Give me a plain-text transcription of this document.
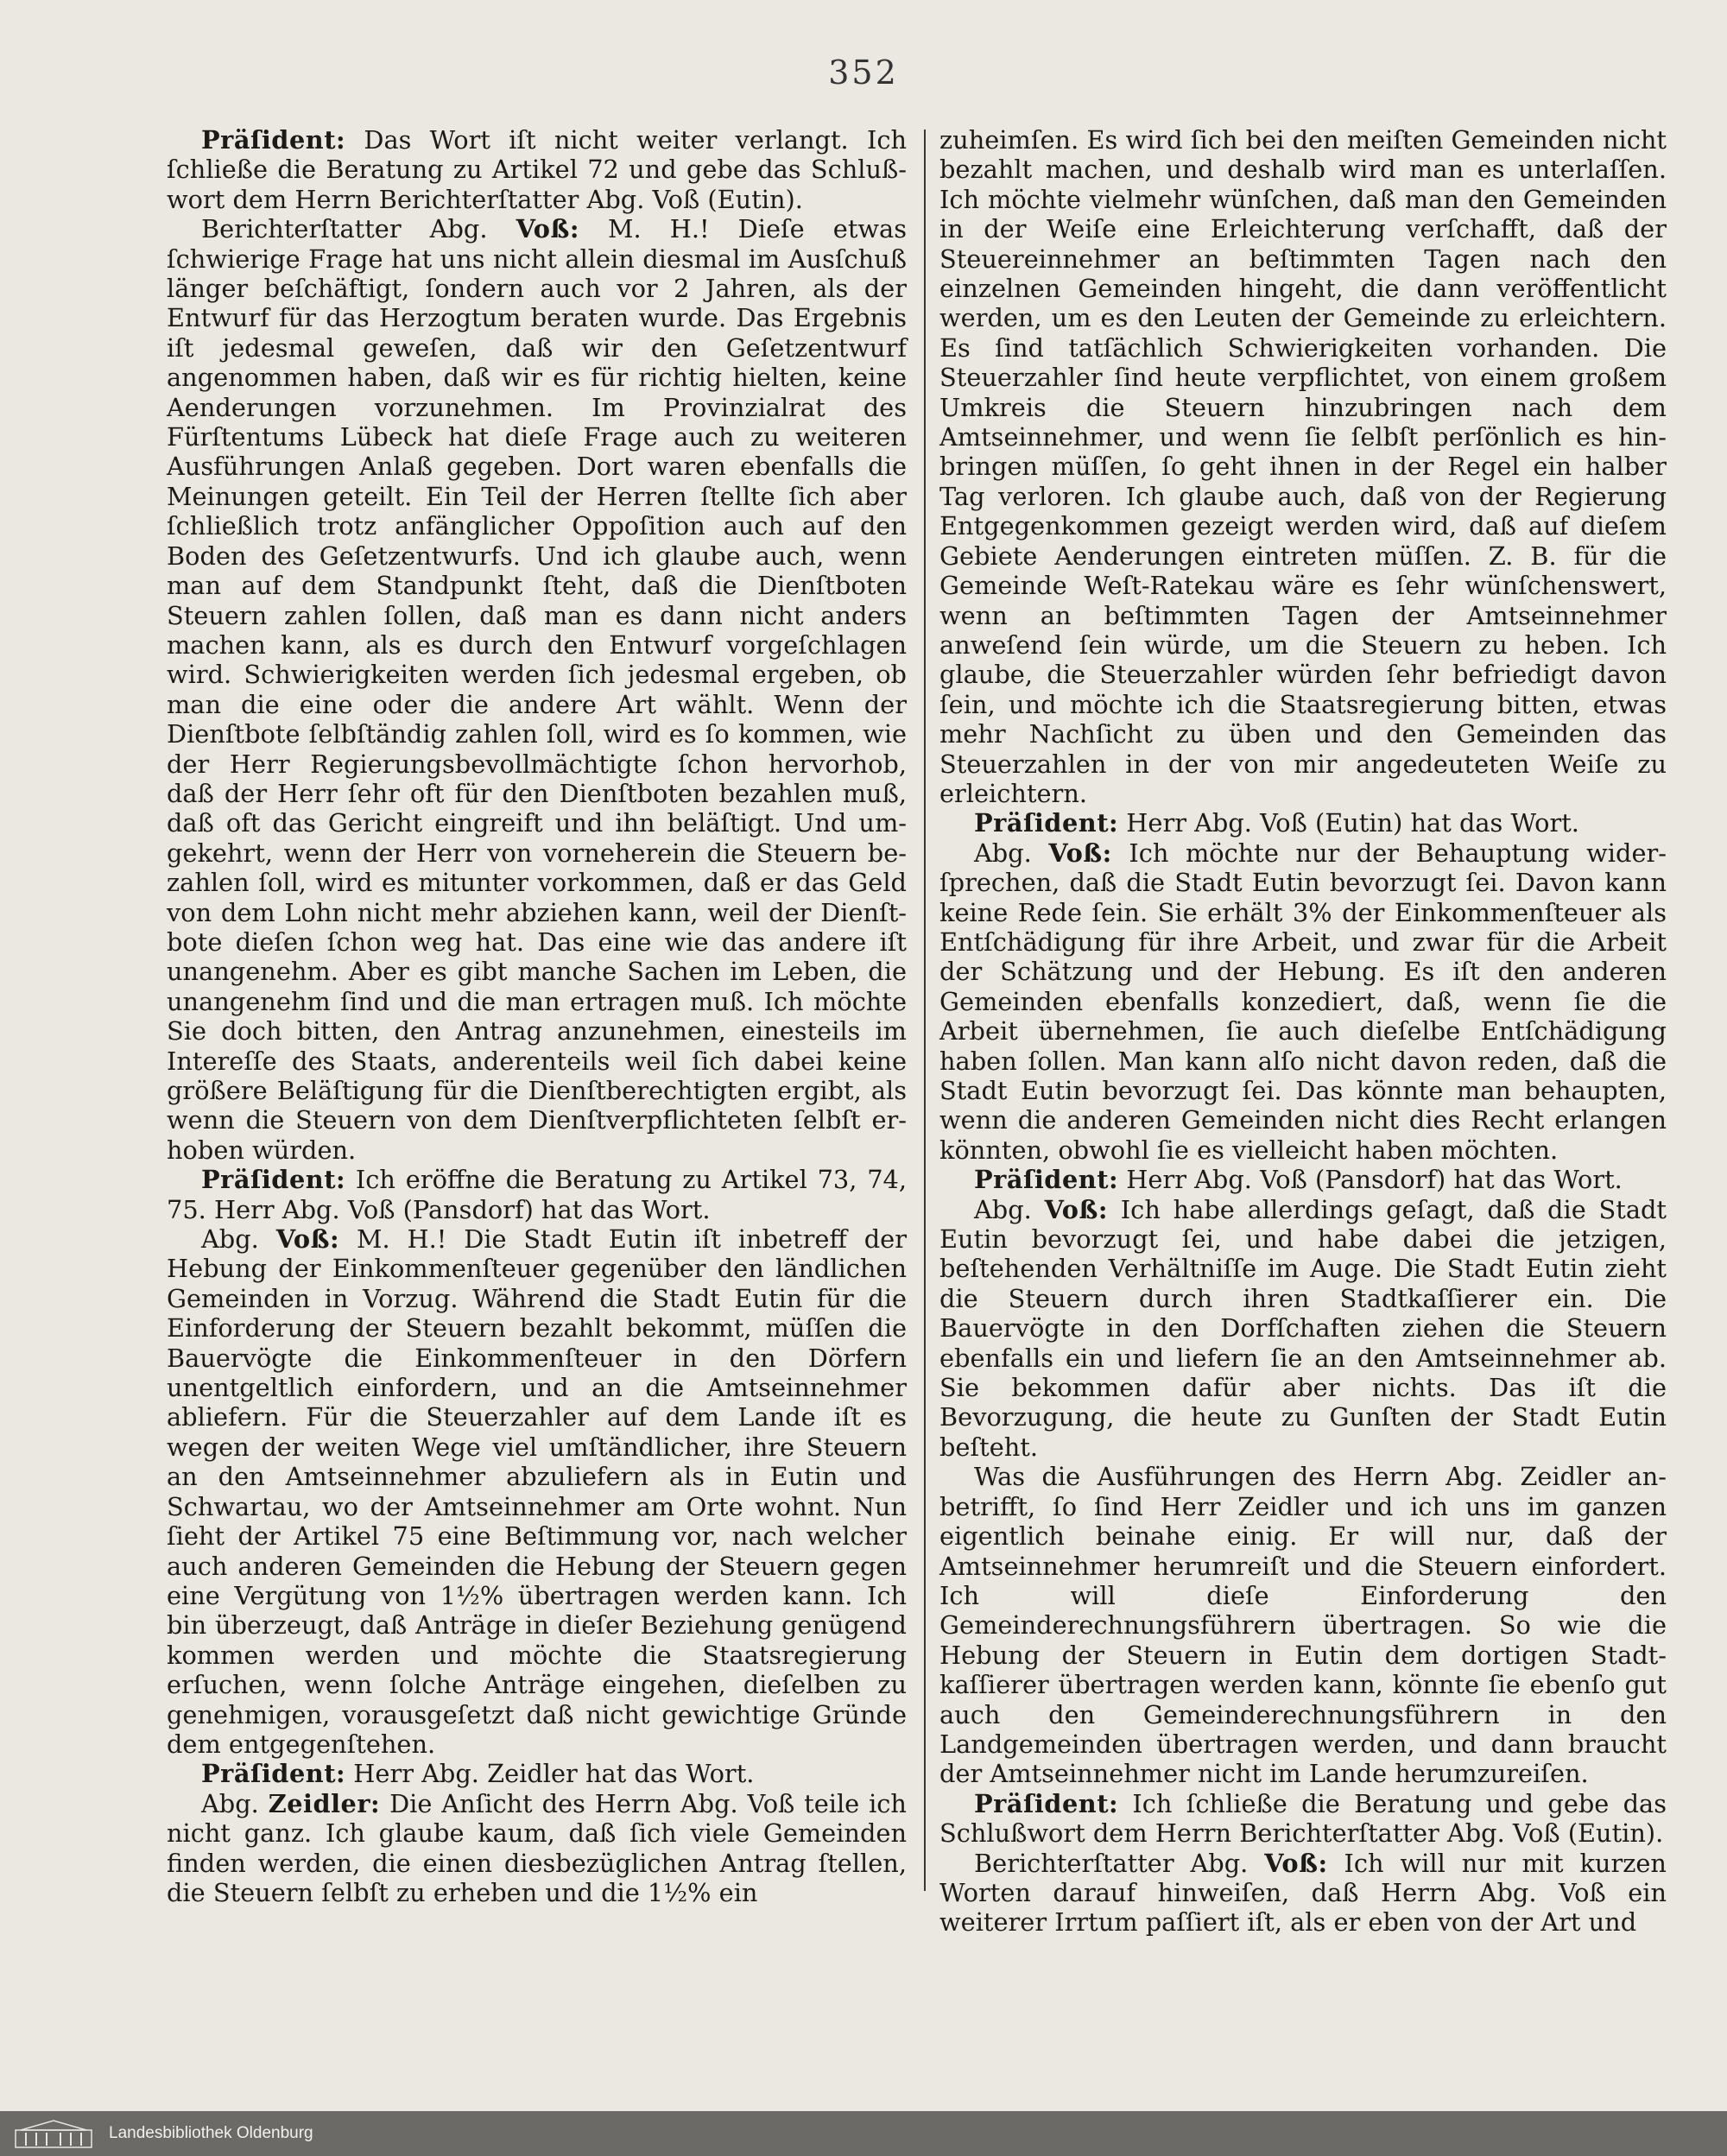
352

Präſident: Das Wort iſt nicht weiter verlangt. Ich ſchließe die Beratung zu Artikel 72 und gebe das Schlußwort dem Herrn Berichterſtatter Abg. Voß (Eutin).

Berichterſtatter Abg. Voß: M. H.! Dieſe etwas ſchwierige Frage hat uns nicht allein diesmal im Ausſchuß länger beſchäftigt, ſondern auch vor 2 Jahren, als der Entwurf für das Herzogtum beraten wurde. Das Ergebnis iſt jedesmal geweſen, daß wir den Geſetzentwurf angenommen haben, daß wir es für richtig hielten, keine Aenderungen vorzunehmen. Im Provinzialrat des Fürſtentums Lübeck hat dieſe Frage auch zu weiteren Ausführungen Anlaß gegeben. Dort waren ebenfalls die Meinungen geteilt. Ein Teil der Herren ſtellte ſich aber ſchließlich trotz anfänglicher Oppoſition auch auf den Boden des Geſetzentwurfs. Und ich glaube auch, wenn man auf dem Standpunkt ſteht, daß die Dienſtboten Steuern zahlen ſollen, daß man es dann nicht anders machen kann, als es durch den Entwurf vorgeſchlagen wird. Schwierigkeiten werden ſich jedesmal ergeben, ob man die eine oder die andere Art wählt. Wenn der Dienſtbote ſelbſtändig zahlen ſoll, wird es ſo kommen, wie der Herr Regierungsbevollmächtigte ſchon hervorhob, daß der Herr ſehr oft für den Dienſtboten bezahlen muß, daß oft das Gericht eingreift und ihn beläſtigt. Und umgekehrt, wenn der Herr von vorneherein die Steuern bezahlen ſoll, wird es mitunter vorkommen, daß er das Geld von dem Lohn nicht mehr abziehen kann, weil der Dienſtbote dieſen ſchon weg hat. Das eine wie das andere iſt unangenehm. Aber es gibt manche Sachen im Leben, die unangenehm ſind und die man ertragen muß. Ich möchte Sie doch bitten, den Antrag anzunehmen, einesteils im Intereſſe des Staats, anderenteils weil ſich dabei keine größere Beläſtigung für die Dienſtberechtigten ergibt, als wenn die Steuern von dem Dienſtverpflichteten ſelbſt erhoben würden.

Präſident: Ich eröffne die Beratung zu Artikel 73, 74, 75. Herr Abg. Voß (Pansdorf) hat das Wort.

Abg. Voß: M. H.! Die Stadt Eutin iſt inbetreff der Hebung der Einkommenſteuer gegenüber den ländlichen Gemeinden in Vorzug. Während die Stadt Eutin für die Einforderung der Steuern bezahlt bekommt, müſſen die Bauervögte die Einkommenſteuer in den Dörfern unentgeltlich einfordern, und an die Amtseinnehmer abliefern. Für die Steuerzahler auf dem Lande iſt es wegen der weiten Wege viel umſtändlicher, ihre Steuern an den Amtseinnehmer abzuliefern als in Eutin und Schwartau, wo der Amtseinnehmer am Orte wohnt. Nun ſieht der Artikel 75 eine Beſtimmung vor, nach welcher auch anderen Gemeinden die Hebung der Steuern gegen eine Vergütung von 1½% übertragen werden kann. Ich bin überzeugt, daß Anträge in dieſer Beziehung genügend kommen werden und möchte die Staatsregierung erſuchen, wenn ſolche Anträge eingehen, dieſelben zu genehmigen, vorausgeſetzt daß nicht gewichtige Gründe dem entgegenſtehen.

Präſident: Herr Abg. Zeidler hat das Wort.

Abg. Zeidler: Die Anſicht des Herrn Abg. Voß teile ich nicht ganz. Ich glaube kaum, daß ſich viele Gemeinden finden werden, die einen diesbezüglichen Antrag ſtellen, die Steuern ſelbſt zu erheben und die 1½% ein

zuheimſen. Es wird ſich bei den meiſten Gemeinden nicht bezahlt machen, und deshalb wird man es unterlaſſen. Ich möchte vielmehr wünſchen, daß man den Gemeinden in der Weiſe eine Erleichterung verſchafft, daß der Steuereinnehmer an beſtimmten Tagen nach den einzelnen Gemeinden hingeht, die dann veröffentlicht werden, um es den Leuten der Gemeinde zu erleichtern. Es ſind tatſächlich Schwierigkeiten vorhanden. Die Steuerzahler ſind heute verpflichtet, von einem großem Umkreis die Steuern hinzubringen nach dem Amtseinnehmer, und wenn ſie ſelbſt perſönlich es hinbringen müſſen, ſo geht ihnen in der Regel ein halber Tag verloren. Ich glaube auch, daß von der Regierung Entgegenkommen gezeigt werden wird, daß auf dieſem Gebiete Aenderungen eintreten müſſen. Z. B. für die Gemeinde Weſt-Ratekau wäre es ſehr wünſchenswert, wenn an beſtimmten Tagen der Amtseinnehmer anweſend ſein würde, um die Steuern zu heben. Ich glaube, die Steuerzahler würden ſehr befriedigt davon ſein, und möchte ich die Staatsregierung bitten, etwas mehr Nachſicht zu üben und den Gemeinden das Steuerzahlen in der von mir angedeuteten Weiſe zu erleichtern.

Präſident: Herr Abg. Voß (Eutin) hat das Wort.

Abg. Voß: Ich möchte nur der Behauptung widerſprechen, daß die Stadt Eutin bevorzugt ſei. Davon kann keine Rede ſein. Sie erhält 3% der Einkommenſteuer als Entſchädigung für ihre Arbeit, und zwar für die Arbeit der Schätzung und der Hebung. Es iſt den anderen Gemeinden ebenfalls konzediert, daß, wenn ſie die Arbeit übernehmen, ſie auch dieſelbe Entſchädigung haben ſollen. Man kann alſo nicht davon reden, daß die Stadt Eutin bevorzugt ſei. Das könnte man behaupten, wenn die anderen Gemeinden nicht dies Recht erlangen könnten, obwohl ſie es vielleicht haben möchten.

Präſident: Herr Abg. Voß (Pansdorf) hat das Wort.

Abg. Voß: Ich habe allerdings geſagt, daß die Stadt Eutin bevorzugt ſei, und habe dabei die jetzigen, beſtehenden Verhältniſſe im Auge. Die Stadt Eutin zieht die Steuern durch ihren Stadtkaſſierer ein. Die Bauervögte in den Dorfſchaften ziehen die Steuern ebenfalls ein und liefern ſie an den Amtseinnehmer ab. Sie bekommen dafür aber nichts. Das iſt die Bevorzugung, die heute zu Gunſten der Stadt Eutin beſteht.

Was die Ausführungen des Herrn Abg. Zeidler anbetrifft, ſo ſind Herr Zeidler und ich uns im ganzen eigentlich beinahe einig. Er will nur, daß der Amtseinnehmer herumreiſt und die Steuern einfordert. Ich will dieſe Einforderung den Gemeinderechnungsführern übertragen. So wie die Hebung der Steuern in Eutin dem dortigen Stadtkaſſierer übertragen werden kann, könnte ſie ebenſo gut auch den Gemeinderechnungsführern in den Landgemeinden übertragen werden, und dann braucht der Amtseinnehmer nicht im Lande herumzureiſen.

Präſident: Ich ſchließe die Beratung und gebe das Schlußwort dem Herrn Berichterſtatter Abg. Voß (Eutin).

Berichterſtatter Abg. Voß: Ich will nur mit kurzen Worten darauf hinweiſen, daß Herrn Abg. Voß ein weiterer Irrtum paſſiert iſt, als er eben von der Art und

Landesbibliothek Oldenburg
